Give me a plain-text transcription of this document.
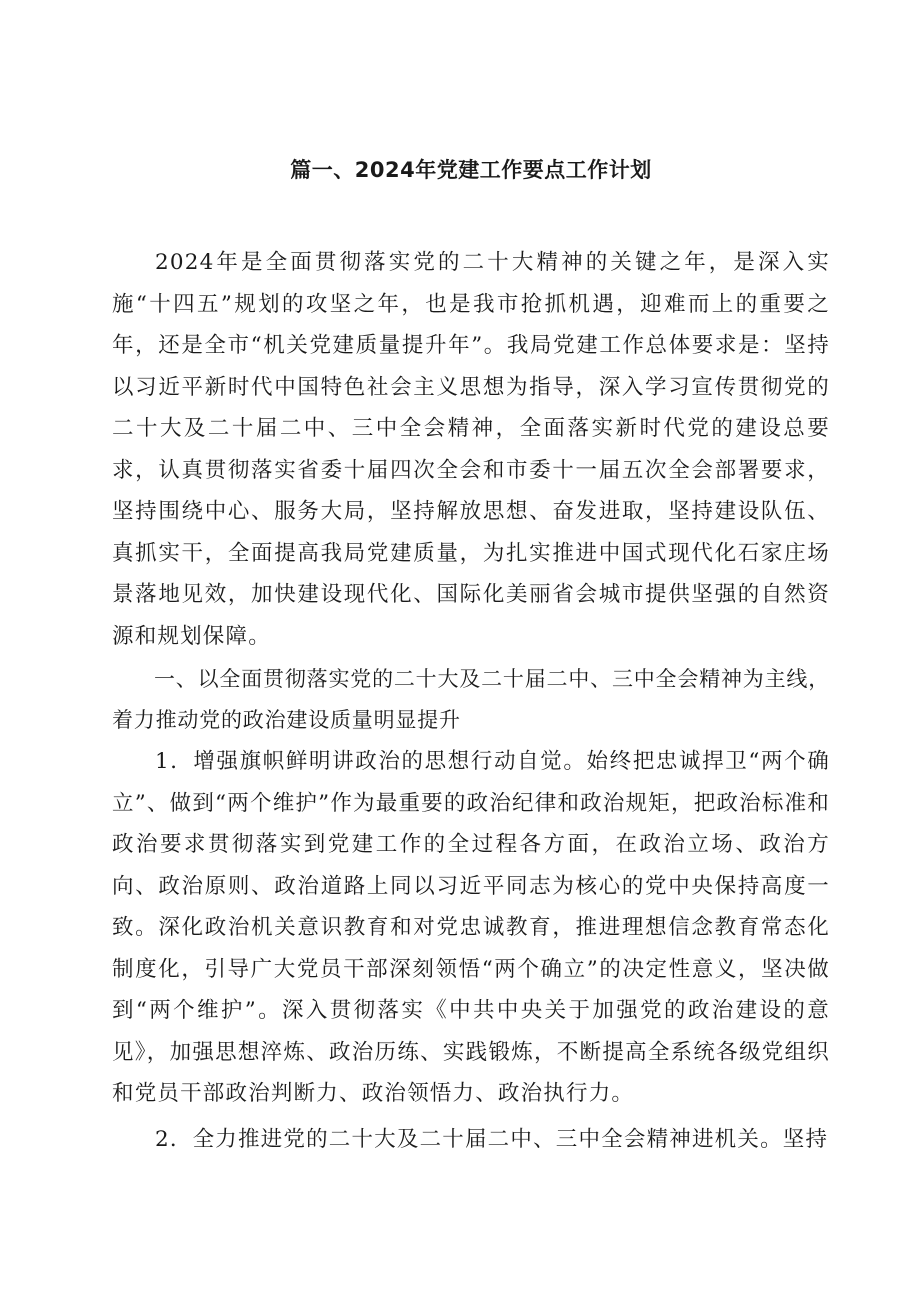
篇一、2024年党建工作要点工作计划

2024年是全面贯彻落实党的二十大精神的关键之年，是深入实施“十四五”规划的攻坚之年，也是我市抢抓机遇，迎难而上的重要之年，还是全市“机关党建质量提升年”。我局党建工作总体要求是：坚持以习近平新时代中国特色社会主义思想为指导，深入学习宣传贯彻党的二十大及二十届二中、三中全会精神，全面落实新时代党的建设总要求，认真贯彻落实省委十届四次全会和市委十一届五次全会部署要求，坚持围绕中心、服务大局，坚持解放思想、奋发进取，坚持建设队伍、真抓实干，全面提高我局党建质量，为扎实推进中国式现代化石家庄场景落地见效，加快建设现代化、国际化美丽省会城市提供坚强的自然资源和规划保障。

一、以全面贯彻落实党的二十大及二十届二中、三中全会精神为主线，着力推动党的政治建设质量明显提升

1．增强旗帜鲜明讲政治的思想行动自觉。始终把忠诚捍卫“两个确立”、做到“两个维护”作为最重要的政治纪律和政治规矩，把政治标准和政治要求贯彻落实到党建工作的全过程各方面，在政治立场、政治方向、政治原则、政治道路上同以习近平同志为核心的党中央保持高度一致。深化政治机关意识教育和对党忠诚教育，推进理想信念教育常态化制度化，引导广大党员干部深刻领悟“两个确立”的决定性意义，坚决做到“两个维护”。深入贯彻落实《中共中央关于加强党的政治建设的意见》，加强思想淬炼、政治历练、实践锻炼，不断提高全系统各级党组织和党员干部政治判断力、政治领悟力、政治执行力。

2．全力推进党的二十大及二十届二中、三中全会精神进机关。坚持
